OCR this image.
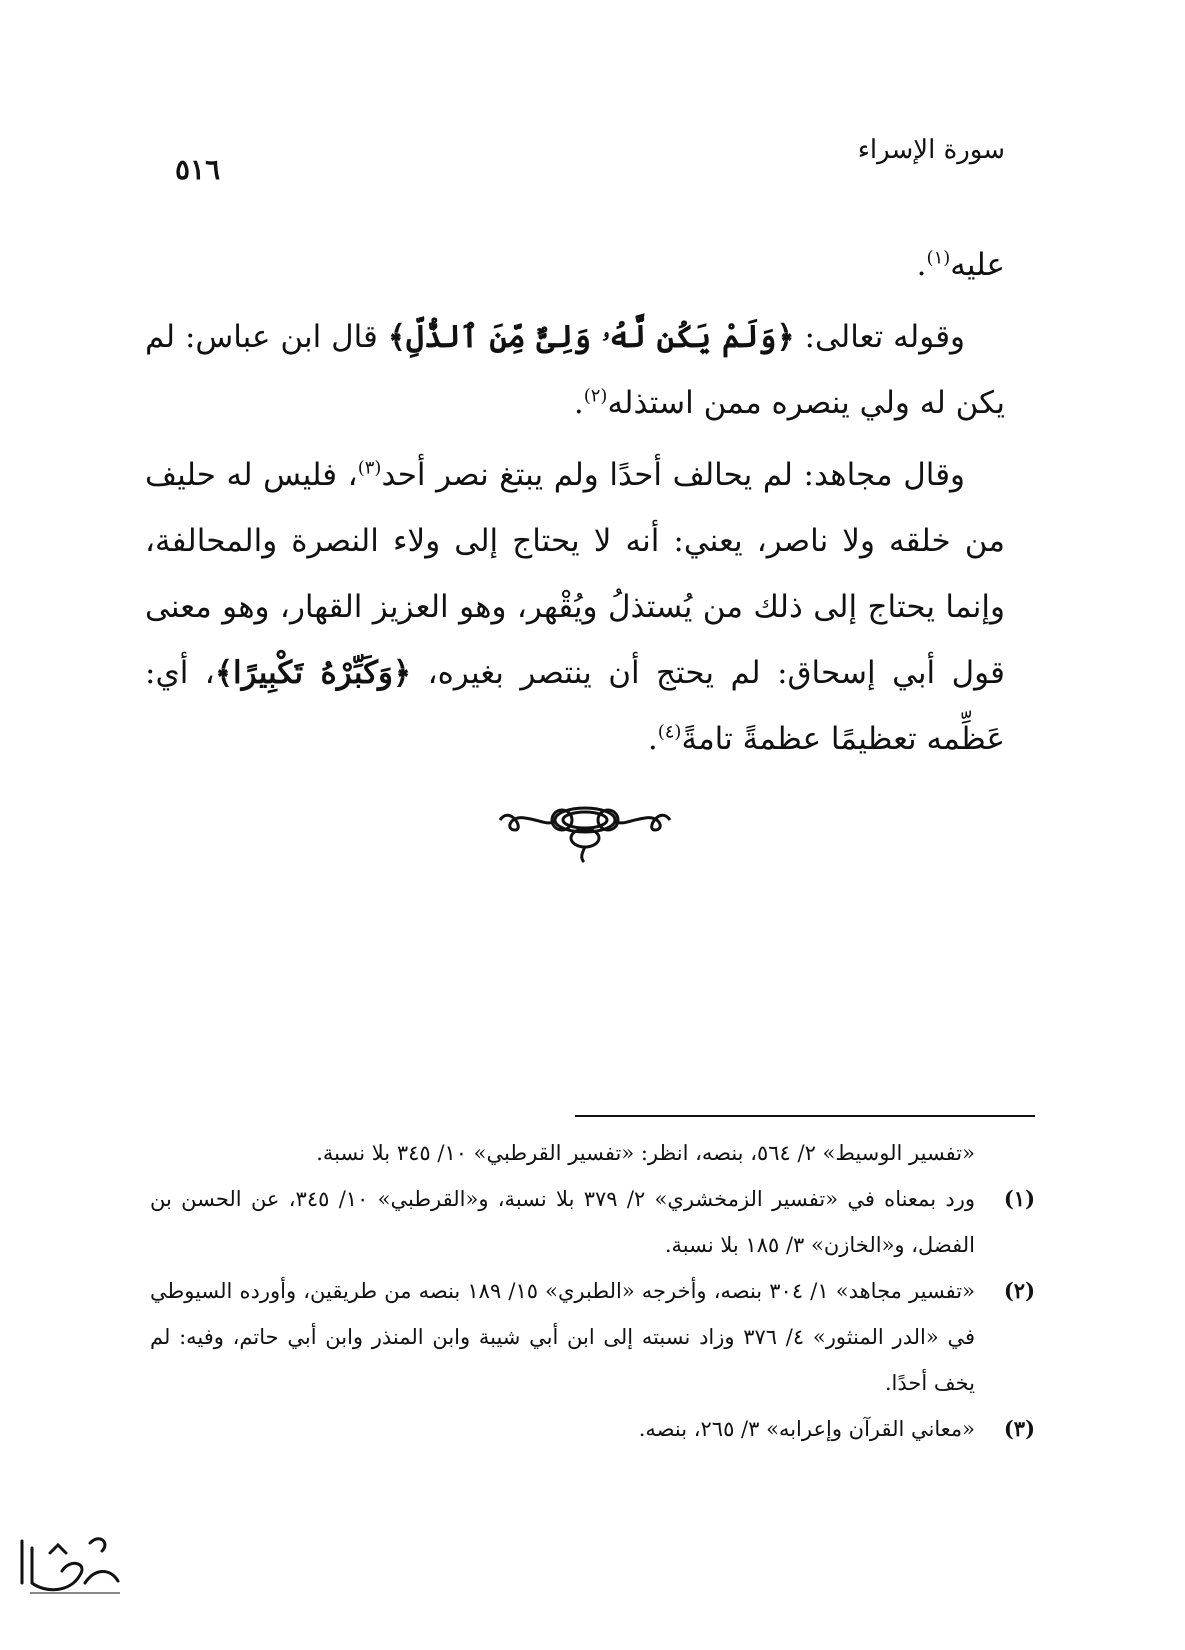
سورة الإسراء
٥١٦

عليه$^{(١)}$.

وقوله تعالى: ﴿وَلَمْ يَكُن لَّهُۥ وَلِىٌّ مِّنَ ٱلذُّلِّ﴾ قال ابن عباس: لم يكن له ولي ينصره ممن استذله$^{(٢)}$.

وقال مجاهد: لم يحالف أحدًا ولم يبتغ نصر أحد$^{(٣)}$، فليس له حليف من خلقه ولا ناصر، يعني: أنه لا يحتاج إلى ولاء النصرة والمحالفة، وإنما يحتاج إلى ذلك من يُستذلُ ويُقْهر، وهو العزيز القهار، وهو معنى قول أبي إسحاق: لم يحتج أن ينتصر بغيره، ﴿وَكَبِّرْهُ تَكْبِيرًا﴾، أي: عَظِّمه تعظيمًا عظمةً تامةً$^{(٤)}$.

«تفسير الوسيط» ٢/ ٥٦٤، بنصه، انظر: «تفسير القرطبي» ١٠/ ٣٤٥ بلا نسبة.
(١)
ورد بمعناه في «تفسير الزمخشري» ٢/ ٣٧٩ بلا نسبة، و«القرطبي» ١٠/ ٣٤٥، عن الحسن بن الفضل، و«الخازن» ٣/ ١٨٥ بلا نسبة.
(٢)
«تفسير مجاهد» ١/ ٣٠٤ بنصه، وأخرجه «الطبري» ١٥/ ١٨٩ بنصه من طريقين، وأورده السيوطي في «الدر المنثور» ٤/ ٣٧٦ وزاد نسبته إلى ابن أبي شيبة وابن المنذر وابن أبي حاتم، وفيه: لم يخف أحدًا.
(٣)
«معاني القرآن وإعرابه» ٣/ ٢٦٥، بنصه.
